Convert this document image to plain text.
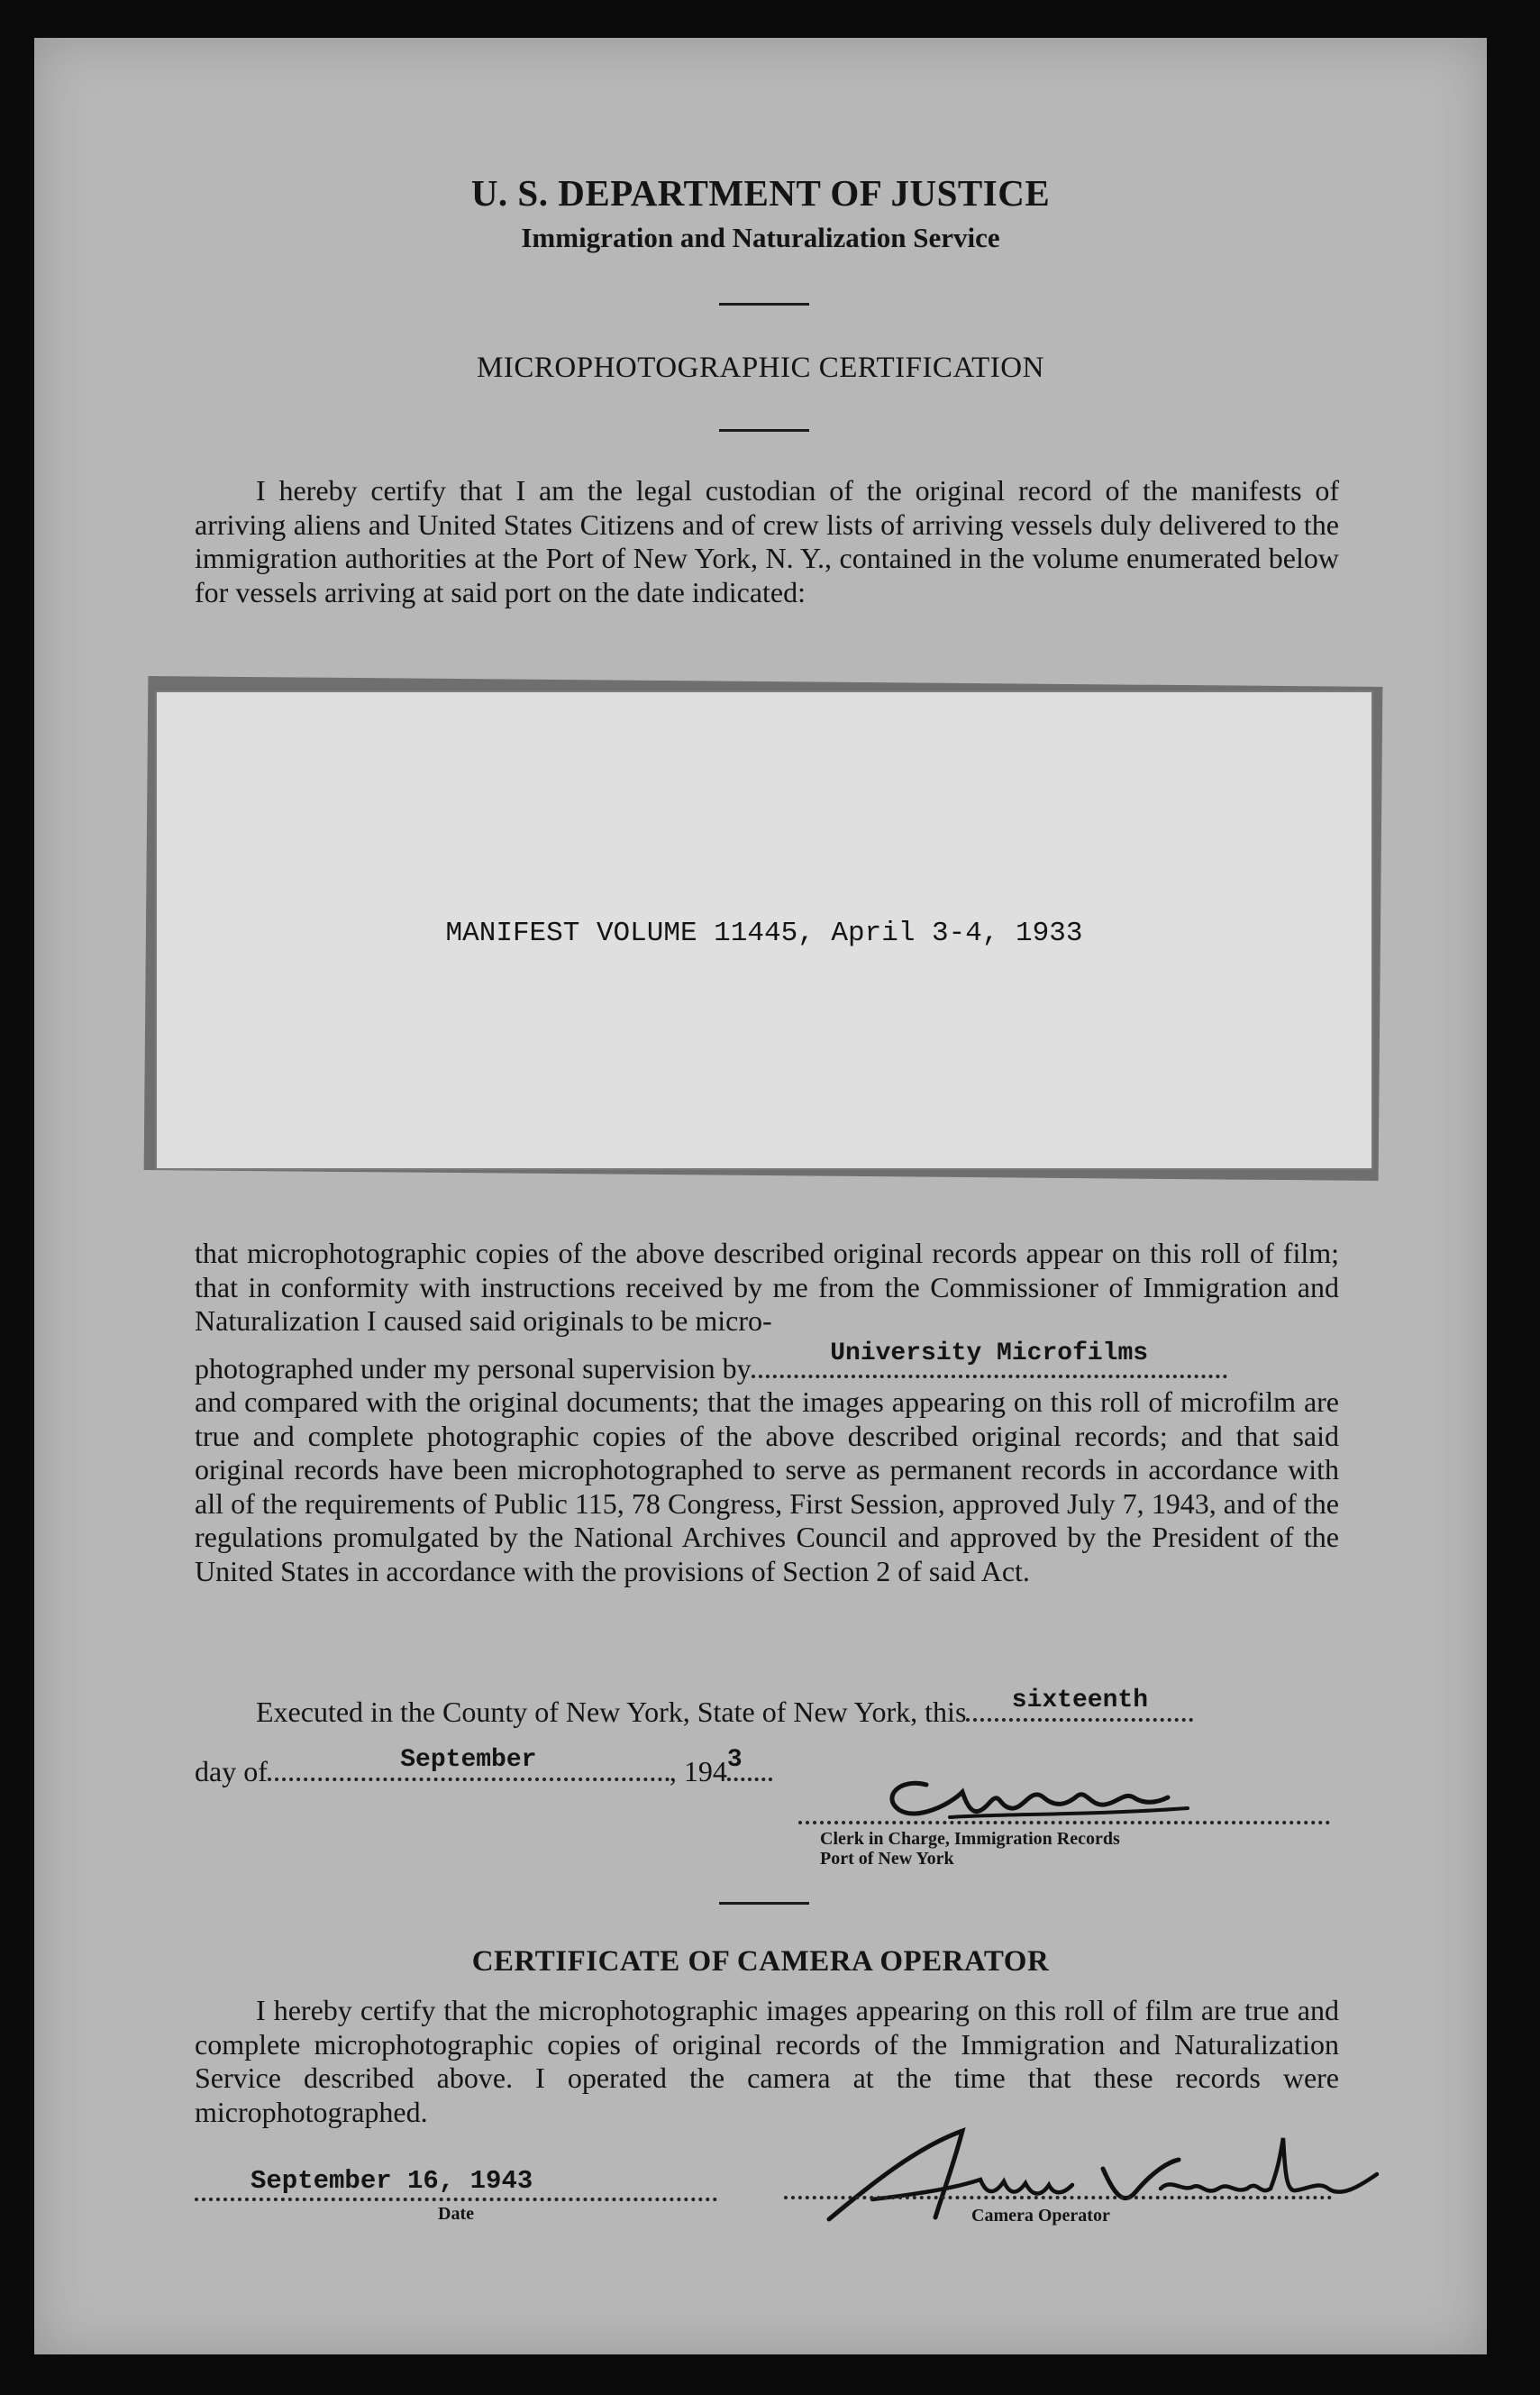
U. S. DEPARTMENT OF JUSTICE
Immigration and Naturalization Service
MICROPHOTOGRAPHIC CERTIFICATION
I hereby certify that I am the legal custodian of the original record of the manifests of arriving aliens and United States Citizens and of crew lists of arriving vessels duly delivered to the immigration authorities at the Port of New York, N. Y., contained in the volume enumerated below for vessels arriving at said port on the date indicated:
MANIFEST VOLUME 11445, April 3-4, 1933
that microphotographic copies of the above described original records appear on this roll of film; that in conformity with instructions received by me from the Commissioner of Immigration and Naturalization I caused said originals to be micro-
photographed under my personal supervision by	University Microfilms
and compared with the original documents; that the images appearing on this roll of microfilm are true and complete photographic copies of the above described original records; and that said original records have been microphotographed to serve as permanent records in accordance with all of the requirements of Public 115, 78 Congress, First Session, approved July 7, 1943, and of the regulations promulgated by the National Archives Council and approved by the President of the United States in accordance with the provisions of Section 2 of said Act.
Executed in the County of New York, State of New York, this	sixteenth
day of	September	, 194 3
Clerk in Charge, Immigration Records
Port of New York
CERTIFICATE OF CAMERA OPERATOR
I hereby certify that the microphotographic images appearing on this roll of film are true and complete microphotographic copies of original records of the Immigration and Naturalization Service described above. I operated the camera at the time that these records were microphotographed.
September 16, 1943
Date	Camera Operator
